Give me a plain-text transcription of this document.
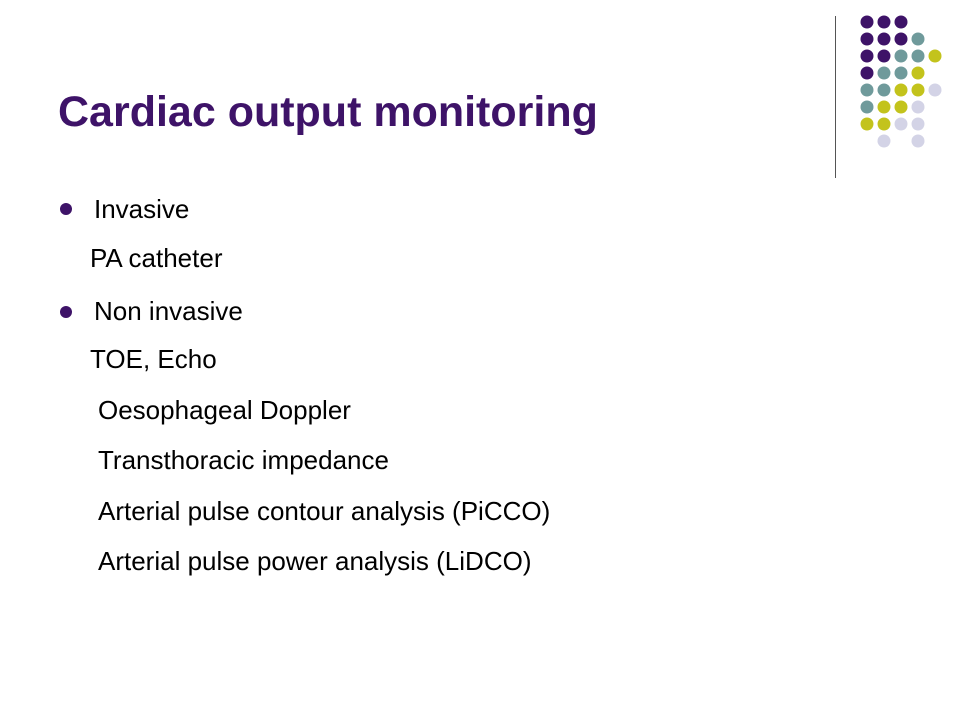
Cardiac output monitoring
Invasive
PA catheter
Non invasive
TOE, Echo
Oesophageal Doppler
Transthoracic impedance
Arterial pulse contour analysis (PiCCO)
Arterial pulse power analysis (LiDCO)
